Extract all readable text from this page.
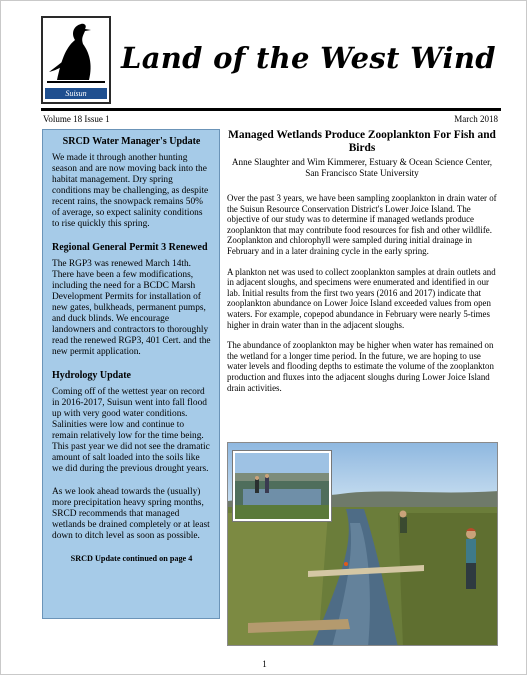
Suisun
Land of the West Wind
Volume 18 Issue 1	March 2018
SRCD Water Manager's Update

We made it through another hunting season and are now moving back into the habitat management. Dry spring conditions may be challenging, as despite recent rains, the snowpack remains 50% of average, so expect salinity conditions to rise quickly this spring.

Regional General Permit 3 Renewed

The RGP3 was renewed March 14th. There have been a few modifications, including the need for a BCDC Marsh Development Permits for installation of new gates, bulkheads, permanent pumps, and duck blinds. We encourage landowners and contractors to thoroughly read the renewed RGP3, 401 Cert. and the new permit application.

Hydrology Update

Coming off of the wettest year on record in 2016-2017, Suisun went into fall flood up with very good water conditions. Salinities were low and continue to remain relatively low for the time being. This past year we did not see the dramatic amount of salt loaded into the soils like we did during the previous drought years.

As we look ahead towards the (usually) more precipitation heavy spring months, SRCD recommends that managed wetlands be drained completely or at least down to ditch level as soon as possible.

SRCD Update continued on page 4

Managed Wetlands Produce Zooplankton For Fish and Birds

Anne Slaughter and Wim Kimmerer, Estuary & Ocean Science Center, San Francisco State University

Over the past 3 years, we have been sampling zooplankton in drain water of the Suisun Resource Conservation District's Lower Joice Island. The objective of our study was to determine if managed wetlands produce zooplankton that may contribute food resources for fish and other wildlife. Zooplankton and chlorophyll were sampled during initial drainage in February and in a later draining cycle in the early spring.

A plankton net was used to collect zooplankton samples at drain outlets and in adjacent sloughs, and specimens were enumerated and identified in our lab. Initial results from the first two years (2016 and 2017) indicate that zooplankton abundance on Lower Joice Island exceeded values from open waters. For example, copepod abundance in February were nearly 5-times higher in drain water than in the adjacent sloughs.

The abundance of zooplankton may be higher when water has remained on the wetland for a longer time period. In the future, we are hoping to use water levels and flooding depths to estimate the volume of the zooplankton production and fluxes into the adjacent sloughs during Lower Joice Island drain activities.

1
